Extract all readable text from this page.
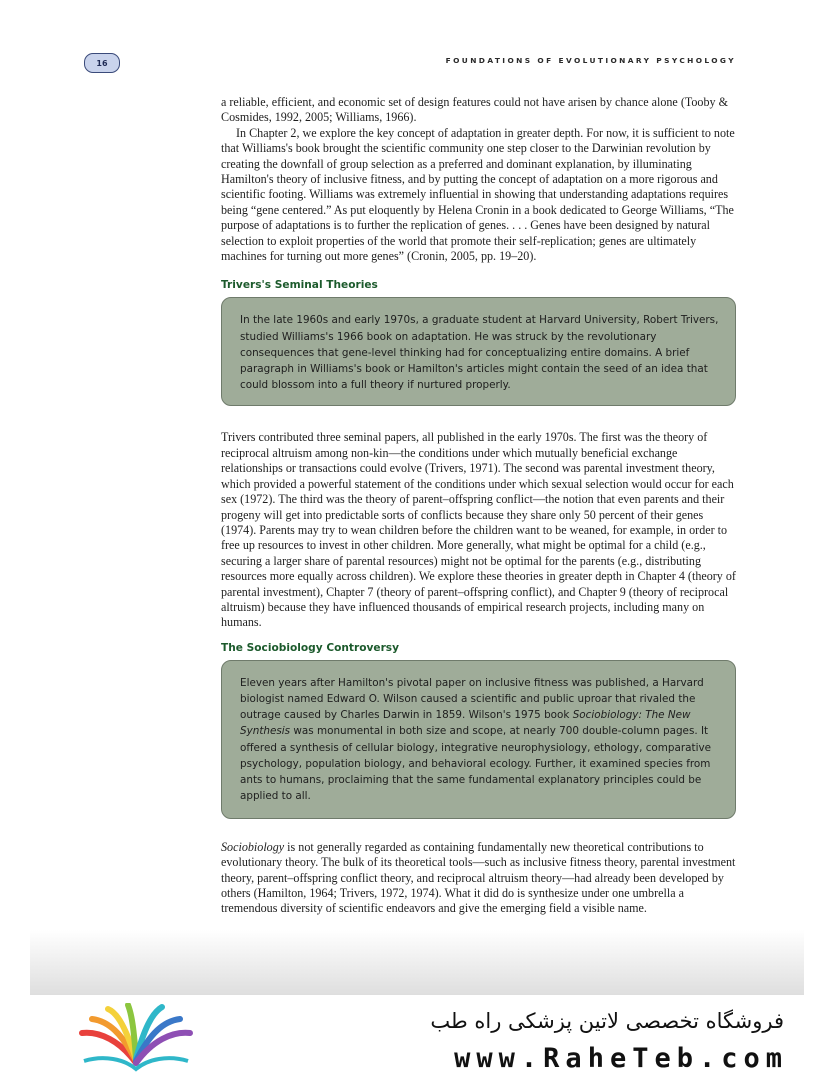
16	FOUNDATIONS OF EVOLUTIONARY PSYCHOLOGY

a reliable, efficient, and economic set of design features could not have arisen by chance alone (Tooby & Cosmides, 1992, 2005; Williams, 1966).

In Chapter 2, we explore the key concept of adaptation in greater depth. For now, it is sufficient to note that Williams's book brought the scientific community one step closer to the Darwinian revolution by creating the downfall of group selection as a preferred and dominant explanation, by illuminating Hamilton's theory of inclusive fitness, and by putting the concept of adaptation on a more rigorous and scientific footing. Williams was extremely influential in showing that understanding adaptations requires being “gene centered.” As put eloquently by Helena Cronin in a book dedicated to George Williams, “The purpose of adaptations is to further the replication of genes. . . . Genes have been designed by natural selection to exploit properties of the world that promote their self-replication; genes are ultimately machines for turning out more genes” (Cronin, 2005, pp. 19–20).

Trivers's Seminal Theories
In the late 1960s and early 1970s, a graduate student at Harvard University, Robert Trivers, studied Williams's 1966 book on adaptation. He was struck by the revolutionary consequences that gene-level thinking had for conceptualizing entire domains. A brief paragraph in Williams's book or Hamilton's articles might contain the seed of an idea that could blossom into a full theory if nurtured properly.

Trivers contributed three seminal papers, all published in the early 1970s. The first was the theory of reciprocal altruism among non-kin—the conditions under which mutually beneficial exchange relationships or transactions could evolve (Trivers, 1971). The second was parental investment theory, which provided a powerful statement of the conditions under which sexual selection would occur for each sex (1972). The third was the theory of parent–offspring conflict—the notion that even parents and their progeny will get into predictable sorts of conflicts because they share only 50 percent of their genes (1974). Parents may try to wean children before the children want to be weaned, for example, in order to free up resources to invest in other children. More generally, what might be optimal for a child (e.g., securing a larger share of parental resources) might not be optimal for the parents (e.g., distributing resources more equally across children). We explore these theories in greater depth in Chapter 4 (theory of parental investment), Chapter 7 (theory of parent–offspring conflict), and Chapter 9 (theory of reciprocal altruism) because they have influenced thousands of empirical research projects, including many on humans.

The Sociobiology Controversy
Eleven years after Hamilton's pivotal paper on inclusive fitness was published, a Harvard biologist named Edward O. Wilson caused a scientific and public uproar that rivaled the outrage caused by Charles Darwin in 1859. Wilson's 1975 book Sociobiology: The New Synthesis was monumental in both size and scope, at nearly 700 double-column pages. It offered a synthesis of cellular biology, integrative neurophysiology, ethology, comparative psychology, population biology, and behavioral ecology. Further, it examined species from ants to humans, proclaiming that the same fundamental explanatory principles could be applied to all.

Sociobiology is not generally regarded as containing fundamentally new theoretical contributions to evolutionary theory. The bulk of its theoretical tools—such as inclusive fitness theory, parental investment theory, parent–offspring conflict theory, and reciprocal altruism theory—had already been developed by others (Hamilton, 1964; Trivers, 1972, 1974). What it did do is synthesize under one umbrella a tremendous diversity of scientific endeavors and give the emerging field a visible name.

فروشگاه تخصصی لاتین پزشکی راه طب
www.RaheTeb.com
